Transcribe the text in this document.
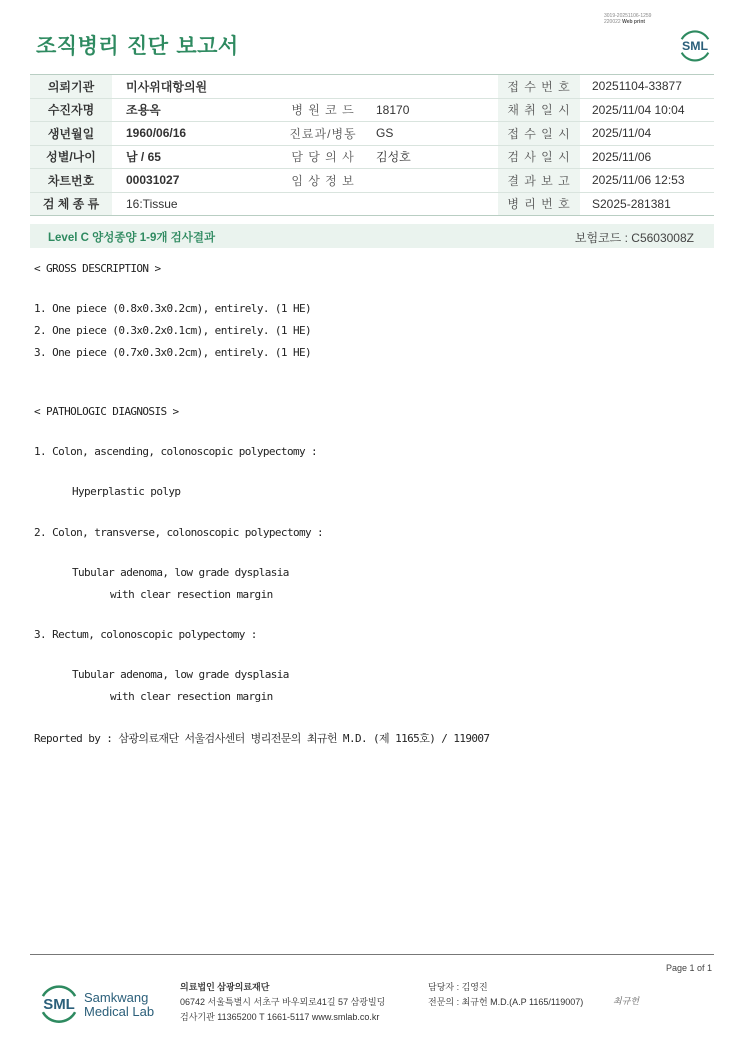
3019-20251106-1259
220022 Web print
조직병리 진단 보고서	SML
의뢰기관	미사위대항의원			접 수 번 호	20251104-33877
수진자명	조용옥	병 원 코 드	18170	채 취 일 시	2025/11/04 10:04
생년월일	1960/06/16	진료과/병동	GS	접 수 일 시	2025/11/04
성별/나이	남 / 65	담 당 의 사	김성호	검 사 일 시	2025/11/06
차트번호	00031027	임 상 정 보		결 과 보 고	2025/11/06 12:53
검 체 종 류	16:Tissue			병 리 번 호	S2025-281381
Level C 양성종양 1-9개 검사결과	보험코드 : C5603008Z
< GROSS DESCRIPTION >
1. One piece (0.8x0.3x0.2cm), entirely. (1 HE)
2. One piece (0.3x0.2x0.1cm), entirely. (1 HE)
3. One piece (0.7x0.3x0.2cm), entirely. (1 HE)
< PATHOLOGIC DIAGNOSIS >
1. Colon, ascending, colonoscopic polypectomy :
Hyperplastic polyp
2. Colon, transverse, colonoscopic polypectomy :
Tubular adenoma, low grade dysplasia
with clear resection margin
3. Rectum, colonoscopic polypectomy :
Tubular adenoma, low grade dysplasia
with clear resection margin
Reported by : 삼광의료재단 서울검사센터 병리전문의 최규헌 M.D. (제 1165호) / 119007
Page 1 of 1
SML Samkwang
Medical Lab
의료법인 삼광의료재단
06742 서울특별시 서초구 바우뫼로41길 57 삼광빌딩
검사기관 11365200 T 1661-5117 www.smlab.co.kr
담당자 : 김영진
전문의 : 최규헌 M.D.(A.P 1165/119007)	최규헌
